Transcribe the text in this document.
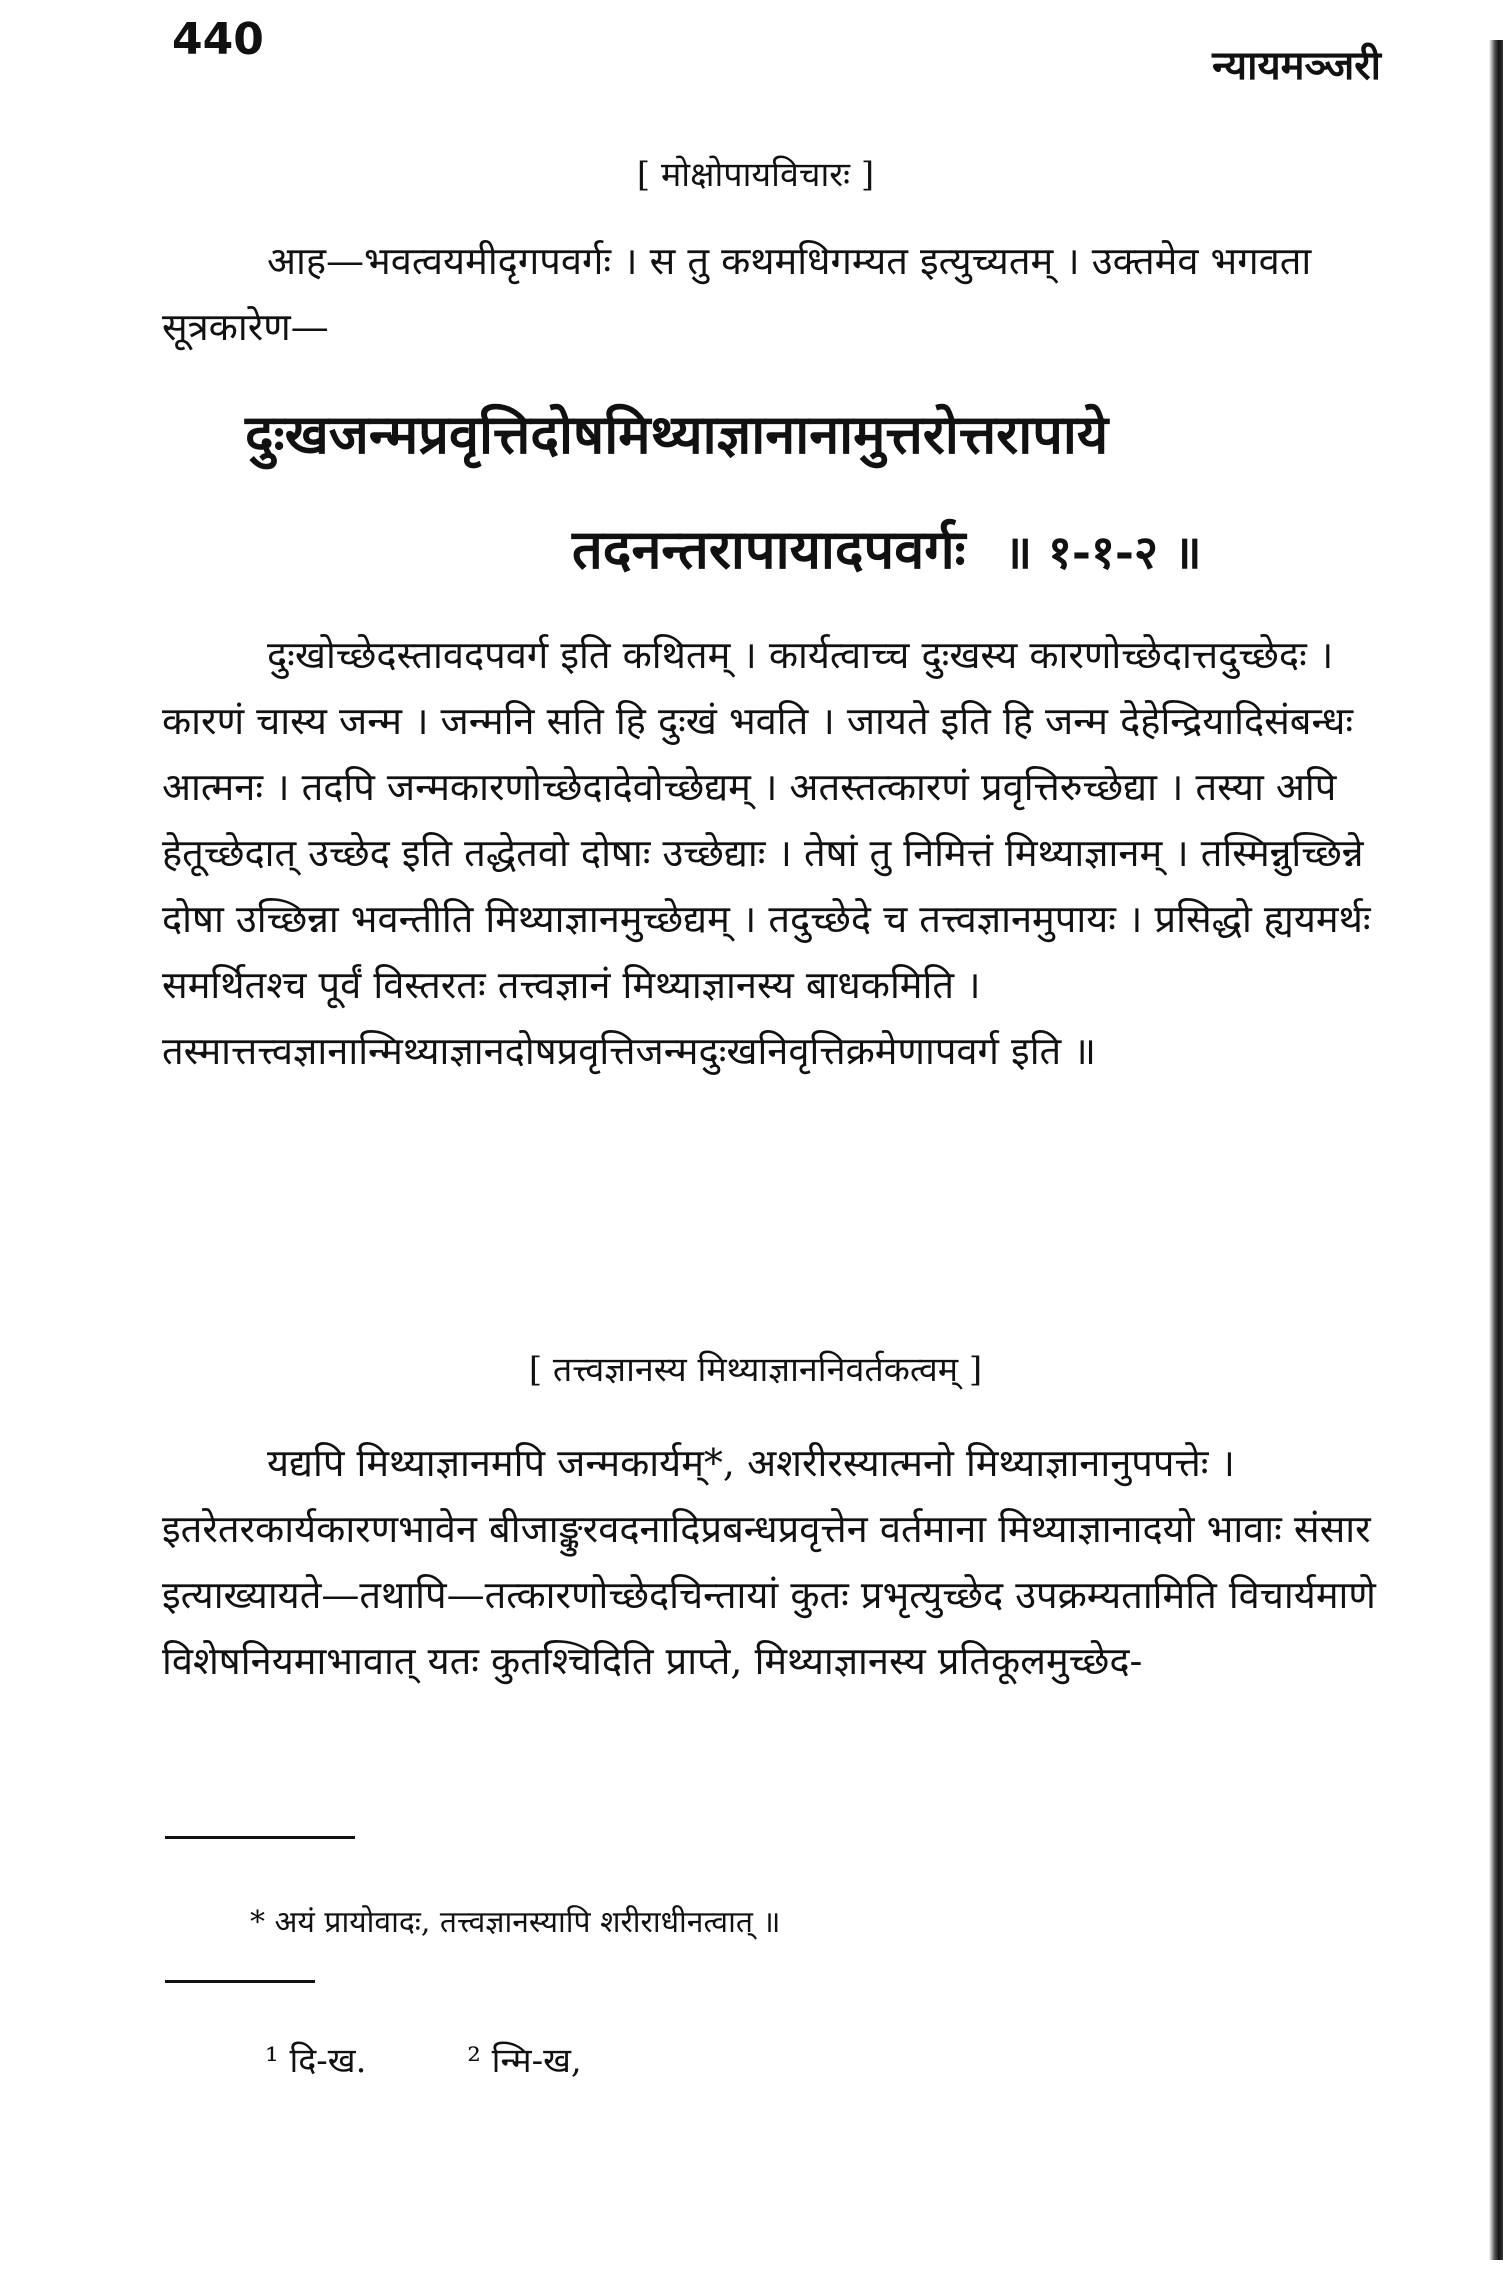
440
न्यायमञ्जरी
[ मोक्षोपायविचारः ]
आह—भवत्वयमीदृगपवर्गः । स तु कथमधिगम्यत इत्युच्यतम् । उक्तमेव भगवता सूत्रकारेण—
दुःखजन्मप्रवृत्तिदोषमिथ्याज्ञानानामुत्तरोत्तरापाये
तदनन्तरापायादपवर्गः ॥ १-१-२ ॥
दुःखोच्छेदस्तावदपवर्ग इति कथितम् । कार्यत्वाच्च दुःखस्य कारणोच्छेदात्तदुच्छेदः । कारणं चास्य जन्म । जन्मनि सति हि दुःखं भवति । जायते इति हि जन्म देहेन्द्रियादिसंबन्धः आत्मनः । तदपि जन्मकारणोच्छेदादेवोच्छेद्यम् । अतस्तत्कारणं प्रवृत्तिरुच्छेद्या । तस्या अपि हेतूच्छेदात् उच्छेद इति तद्धेतवो दोषाः उच्छेद्याः । तेषां तु निमित्तं मिथ्याज्ञानम् । तस्मिन्नुच्छिन्ने दोषा उच्छिन्ना भवन्तीति मिथ्याज्ञानमुच्छेद्यम् । तदुच्छेदे च तत्त्वज्ञानमुपायः । प्रसिद्धो ह्ययमर्थः समर्थितश्च पूर्वं विस्तरतः तत्त्वज्ञानं मिथ्याज्ञानस्य बाधकमिति । तस्मात्तत्त्वज्ञानान्मिथ्याज्ञानदोषप्रवृत्तिजन्मदुःखनिवृत्तिक्रमेणापवर्ग इति ॥
[ तत्त्वज्ञानस्य मिथ्याज्ञाननिवर्तकत्वम् ]
यद्यपि मिथ्याज्ञानमपि जन्मकार्यम्*, अशरीरस्यात्मनो मिथ्याज्ञानानुपपत्तेः । इतरेतरकार्यकारणभावेन बीजाङ्कुरवदनादिप्रबन्धप्रवृत्तेन वर्तमाना मिथ्याज्ञानादयो भावाः संसार इत्याख्यायते—तथापि—तत्कारणोच्छेदचिन्तायां कुतः प्रभृत्युच्छेद उपक्रम्यतामिति विचार्यमाणे विशेषनियमाभावात् यतः कुतश्चिदिति प्राप्ते, मिथ्याज्ञानस्य प्रतिकूलमुच्छेद-
* अयं प्रायोवादः, तत्त्वज्ञानस्यापि शरीराधीनत्वात् ॥
¹ दि-ख.	² न्मि-ख,
